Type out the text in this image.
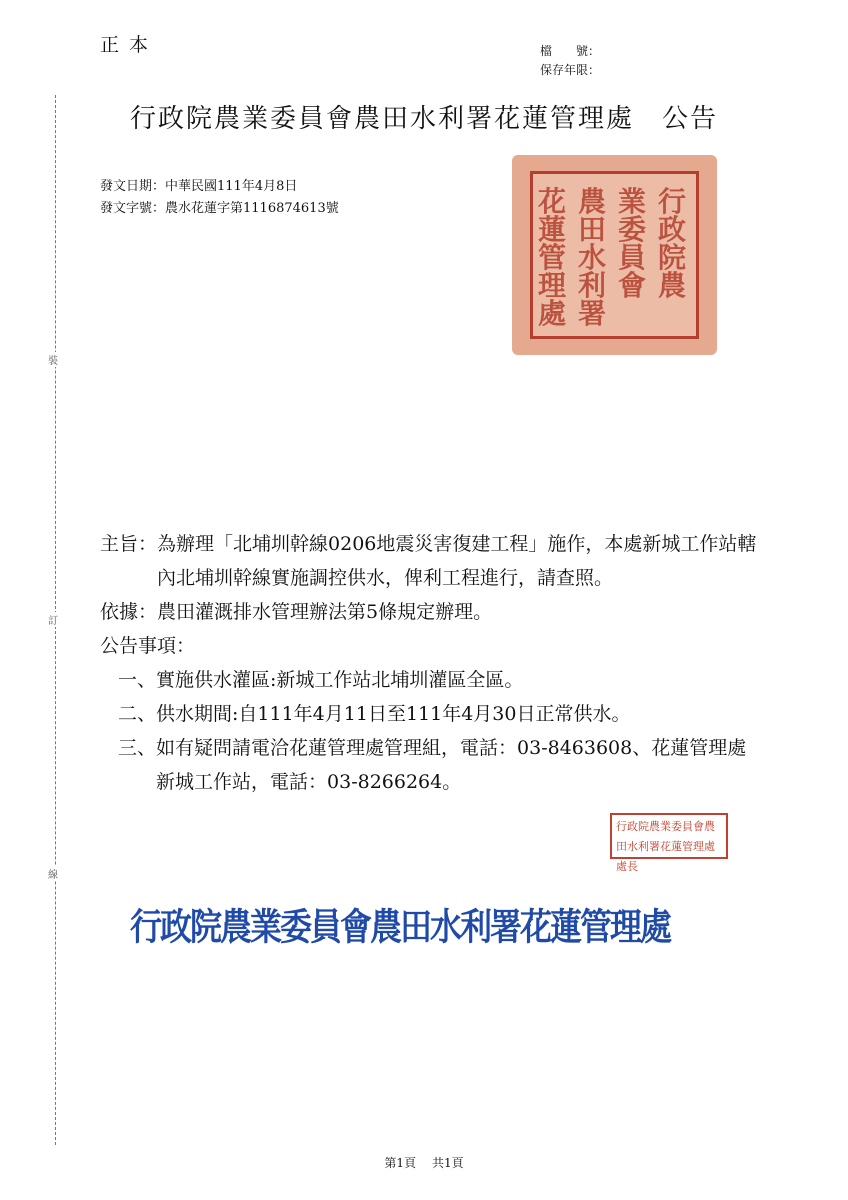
正本	檔　　號：
保存年限：
行政院農業委員會農田水利署花蓮管理處 公告
發文日期：中華民國111年4月8日
發文字號：農水花蓮字第1116874613號	行政院農
業委員會
農田水利署
花蓮管理處
裝
訂
線
主旨： 為辦理「北埔圳幹線0206地震災害復建工程」施作，本處新城工作站轄內北埔圳幹線實施調控供水，俾利工程進行，請查照。
依據： 農田灌溉排水管理辦法第5條規定辦理。
公告事項：
一、 實施供水灌區:新城工作站北埔圳灌區全區。
二、 供水期間:自111年4月11日至111年4月30日正常供水。
三、 如有疑問請電洽花蓮管理處管理組，電話：03-8463608、花蓮管理處新城工作站，電話：03-8266264。
行政院農業委員會農田水利署花蓮管理處處長
行政院農業委員會農田水利署花蓮管理處
第1頁 共1頁
